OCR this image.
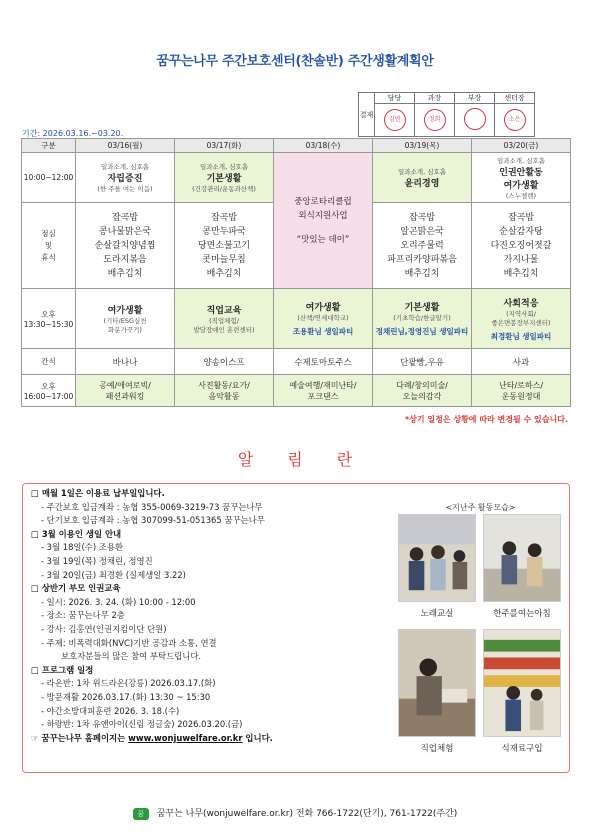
꿈꾸는나무 주간보호센터(찬솔반) 주간생활계획안
결재	담당	과장	부장	센터장
	김연	정희		소은
기간: 2026.03.16.~03.20.
구분	03/16(월)	03/17(화)	03/18(수)	03/19(목)	03/20(금)
10:00~12:00	일과소개, 심호흡
자립증진
(한 주를 여는 이음)	일과소개, 심호흡
기본생활
(건강관리/운동과산책)	중앙로타리클럽
외식지원사업
“맛있는 데이”	일과소개, 심호흡
윤리경영	일과소개, 심호흡
인권안활동
여가생활
(스누젤렌)

점심
및
휴식	잡곡밥
콩나물맑은국
순살갈치양념찜
도라지볶음
배추김치	잡곡밥
콩만두파국
당면소불고기
콧마늘무침
배추김치		잡곡밥
알곤맑은국
오리주물럭
파프리카양파볶음
배추김치	잡곡밥
순살감자탕
다진오징어젓갈
가지나물
배추김치

오후
13:30~15:30	여가생활
(기타/ESG실천
화분가꾸기)	직업교육
(직업체험/
발달장애인 훈련센터)	여가생활
(산책/연세대학교)
조용환님 생일파티	기본생활
(기초학습/한글알기)
정채린님,정영진님 생일파티	사회적응
(지역사회/
좋은면봉장부지센터)
최경환님 생일파티

간식	바나나	양송이스프	수제토마토주스	단팥빵,우유	사과

오후
16:00~17:00	공예/애여로빅/
패션과워킹	사진활동/요가/
음악활동	예술여행/재미난타/
포크댄스	다례/창의미술/
오늘의감각	난타/로하스/
운동원정대
*상기 일정은 상황에 따라 변경될 수 있습니다.
알림란
□ 매월 1일은 이용료 납부일입니다.
- 주간보호 입금계좌 : 농협 355-0069-3219-73 꿈꾸는나무
- 단기보호 입금계좌 : 농협 307099-51-051365 꿈꾸는나무
□ 3월 이용인 생일 안내
- 3월 18일(수) 조용환
- 3월 19일(목) 정채린, 정영진
- 3월 20일(금) 최경환 (실제생일 3.22)
□ 상반기 부모 인권교육
- 일시: 2026. 3. 24. (화) 10:00 - 12:00
- 장소: 꿈꾸는나무 2층
- 강사: 김홍연(인권지킴이단 단원)
- 주제: 비폭력대화(NVC)기반 공감과 소통, 연결
보호자분들의 많은 참여 부탁드립니다.
□ 프로그램 일정
- 라온반: 1차 위드라온(강릉) 2026.03.17.(화)
- 방문재활 2026.03.17.(화) 13:30 ~ 15:30
- 야간소방대피훈련 2026. 3. 18.(수)
- 하랑반: 1차 유앤아이(신림 정글숲) 2026.03.20.(금)
☞ 꿈꾸는나무 홈페이지는 www.wonjuwelfare.or.kr 입니다.
<지난주 활동모습>
노래교실	한주를여는아침
직업체험	식재료구입
꿈 꿈꾸는 나무(wonjuwelfare.or.kr) 전화 766-1722(단기), 761-1722(주간)
